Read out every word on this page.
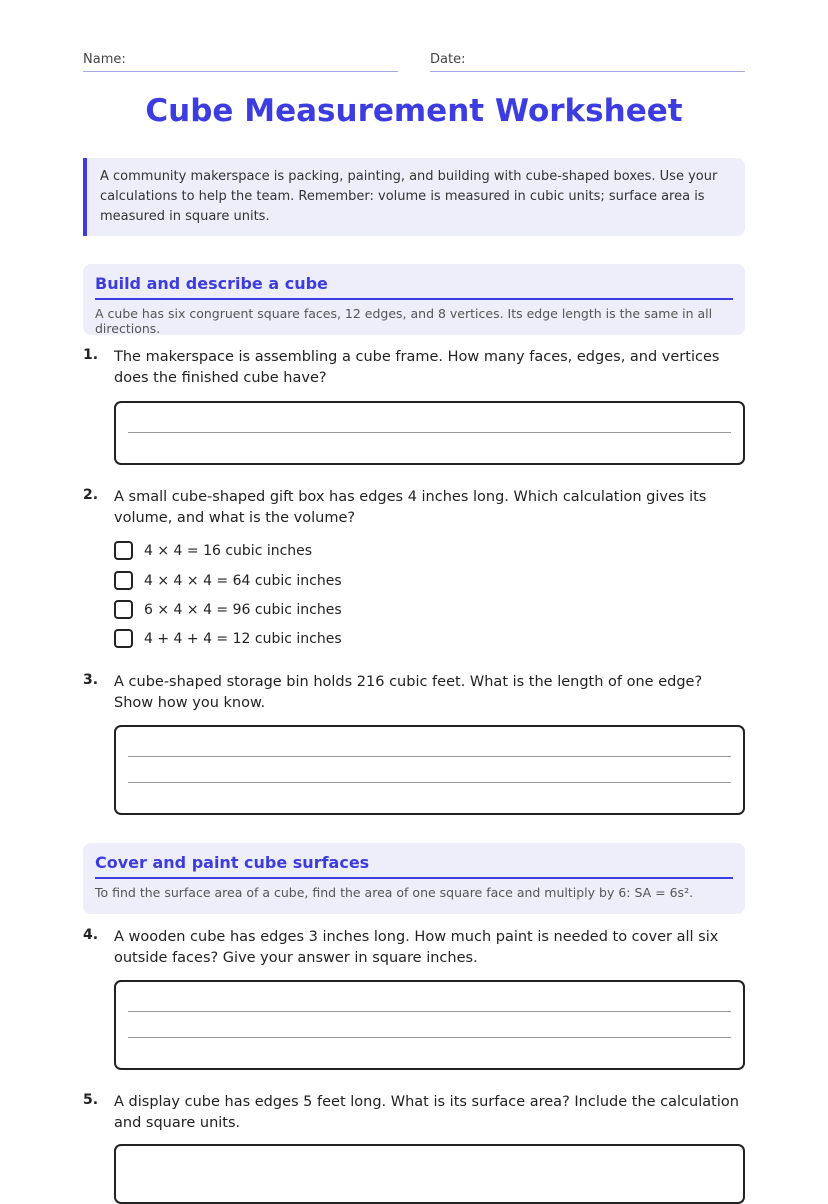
Name:	Date:
Cube Measurement Worksheet
A community makerspace is packing, painting, and building with cube-shaped boxes. Use your calculations to help the team. Remember: volume is measured in cubic units; surface area is measured in square units.
Build and describe a cube
A cube has six congruent square faces, 12 edges, and 8 vertices. Its edge length is the same in all directions.
1. The makerspace is assembling a cube frame. How many faces, edges, and vertices does the finished cube have?
2. A small cube-shaped gift box has edges 4 inches long. Which calculation gives its volume, and what is the volume?
4 × 4 = 16 cubic inches
4 × 4 × 4 = 64 cubic inches
6 × 4 × 4 = 96 cubic inches
4 + 4 + 4 = 12 cubic inches
3. A cube-shaped storage bin holds 216 cubic feet. What is the length of one edge? Show how you know.
Cover and paint cube surfaces
To find the surface area of a cube, find the area of one square face and multiply by 6: SA = 6s².
4. A wooden cube has edges 3 inches long. How much paint is needed to cover all six outside faces? Give your answer in square inches.
5. A display cube has edges 5 feet long. What is its surface area? Include the calculation and square units.
